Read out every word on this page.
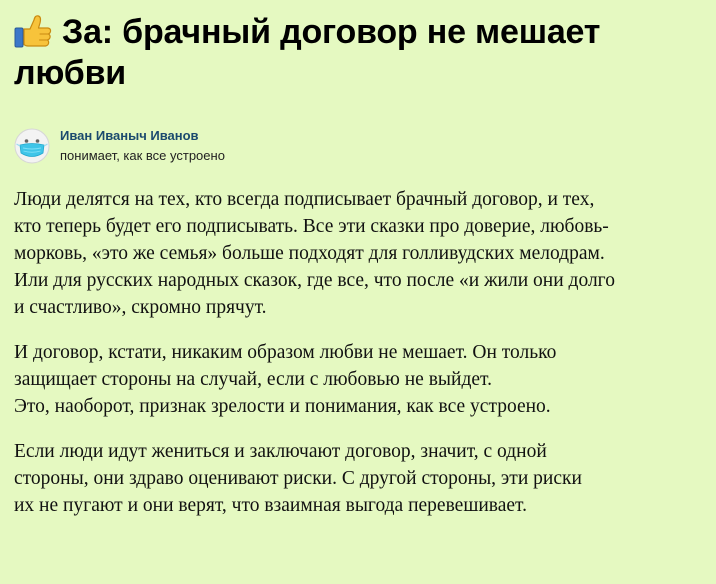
За: брачный договор не мешает любви
Иван Иваныч Иванов
понимает, как все устроено

Люди делятся на тех, кто всегда подписывает брачный договор, и тех,
кто теперь будет его подписывать. Все эти сказки про доверие, любовь-
морковь, «это же семья» больше подходят для голливудских мелодрам.
Или для русских народных сказок, где все, что после «и жили они долго
и счастливо», скромно прячут.

И договор, кстати, никаким образом любви не мешает. Он только
защищает стороны на случай, если с любовью не выйдет.
Это, наоборот, признак зрелости и понимания, как все устроено.

Если люди идут жениться и заключают договор, значит, с одной
стороны, они здраво оценивают риски. С другой стороны, эти риски
их не пугают и они верят, что взаимная выгода перевешивает.
